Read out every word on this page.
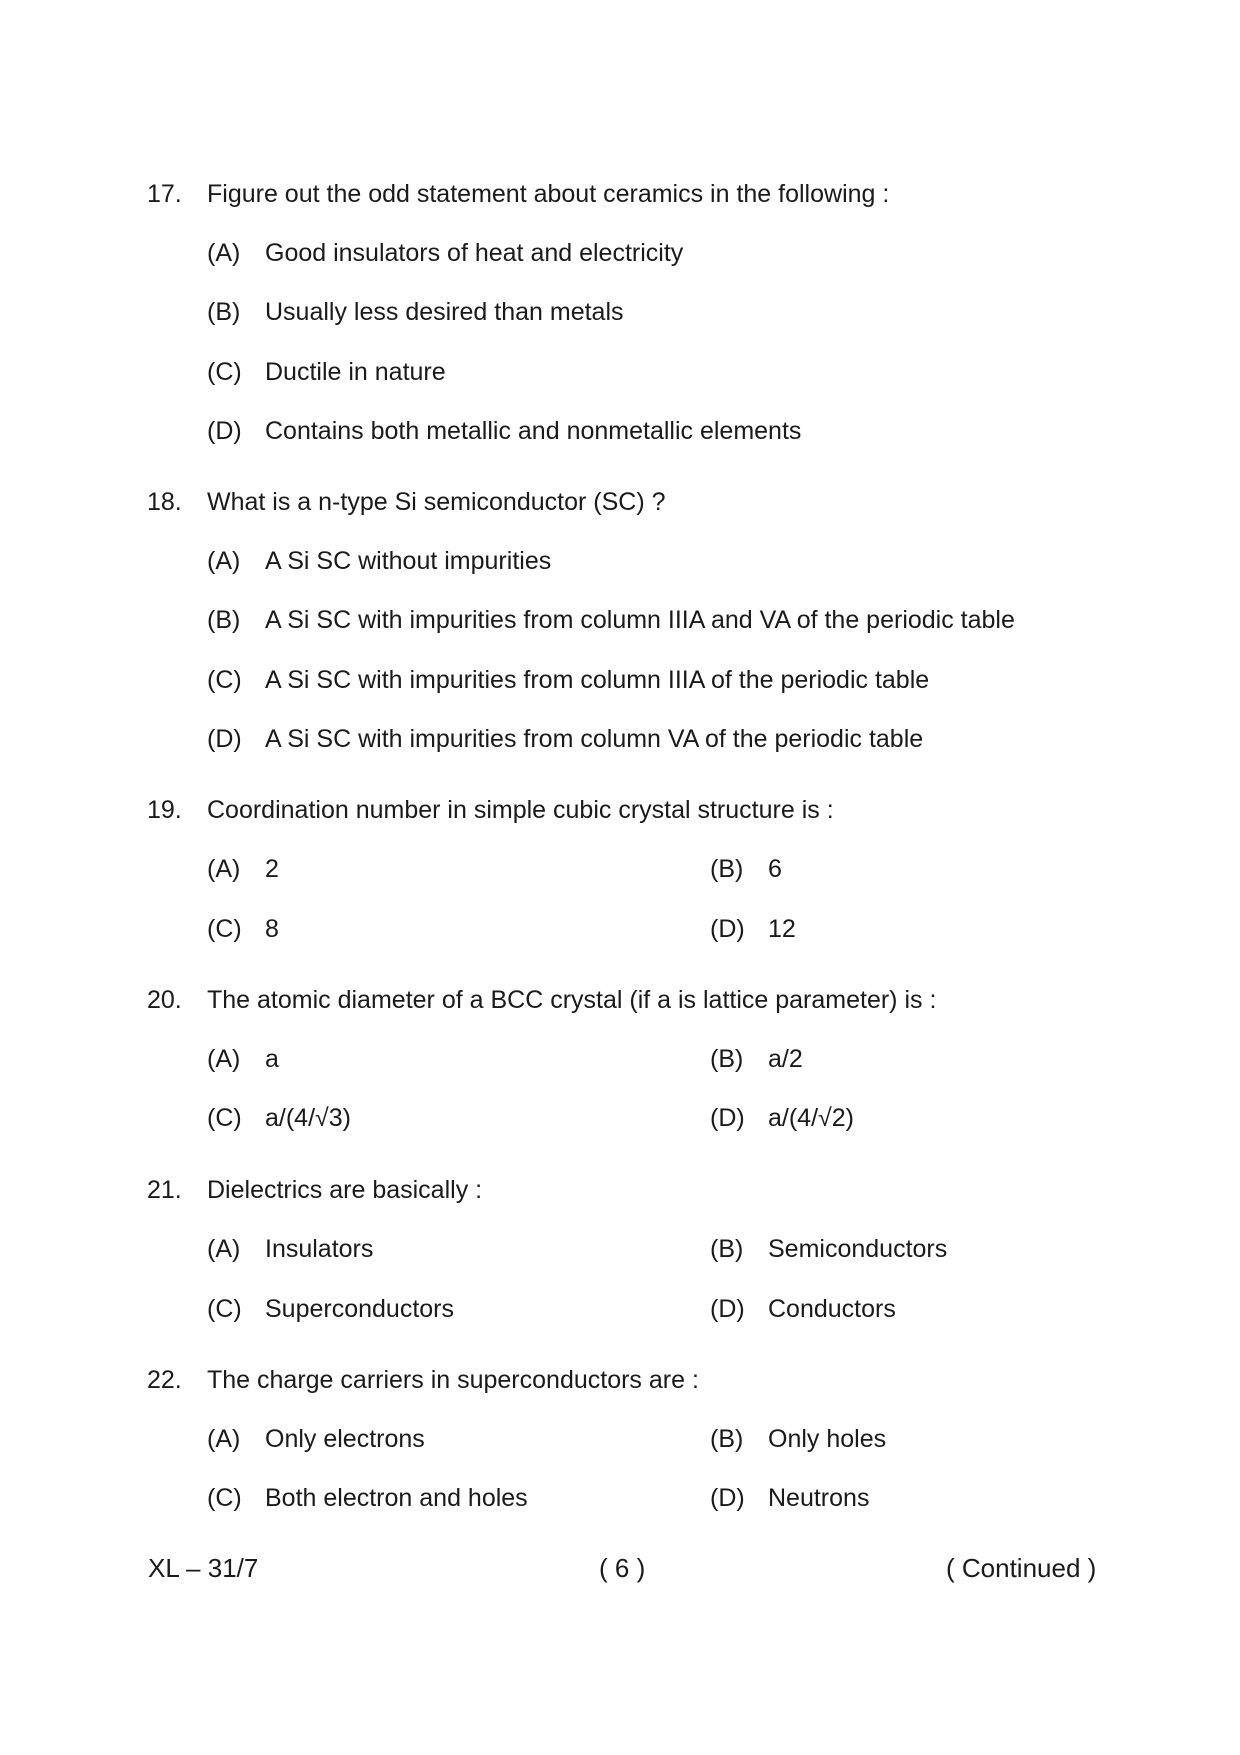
17. Figure out the odd statement about ceramics in the following :
(A) Good insulators of heat and electricity
(B) Usually less desired than metals
(C) Ductile in nature
(D) Contains both metallic and nonmetallic elements
18. What is a n-type Si semiconductor (SC) ?
(A) A Si SC without impurities
(B) A Si SC with impurities from column IIIA and VA of the periodic table
(C) A Si SC with impurities from column IIIA of the periodic table
(D) A Si SC with impurities from column VA of the periodic table
19. Coordination number in simple cubic crystal structure is :
(A) 2	(B) 6
(C) 8	(D) 12
20. The atomic diameter of a BCC crystal (if a is lattice parameter) is :
(A) a	(B) a/2
(C) a/(4/√3)	(D) a/(4/√2)
21. Dielectrics are basically :
(A) Insulators	(B) Semiconductors
(C) Superconductors	(D) Conductors
22. The charge carriers in superconductors are :
(A) Only electrons	(B) Only holes
(C) Both electron and holes	(D) Neutrons
XL – 31/7	( 6 )	( Continued )
